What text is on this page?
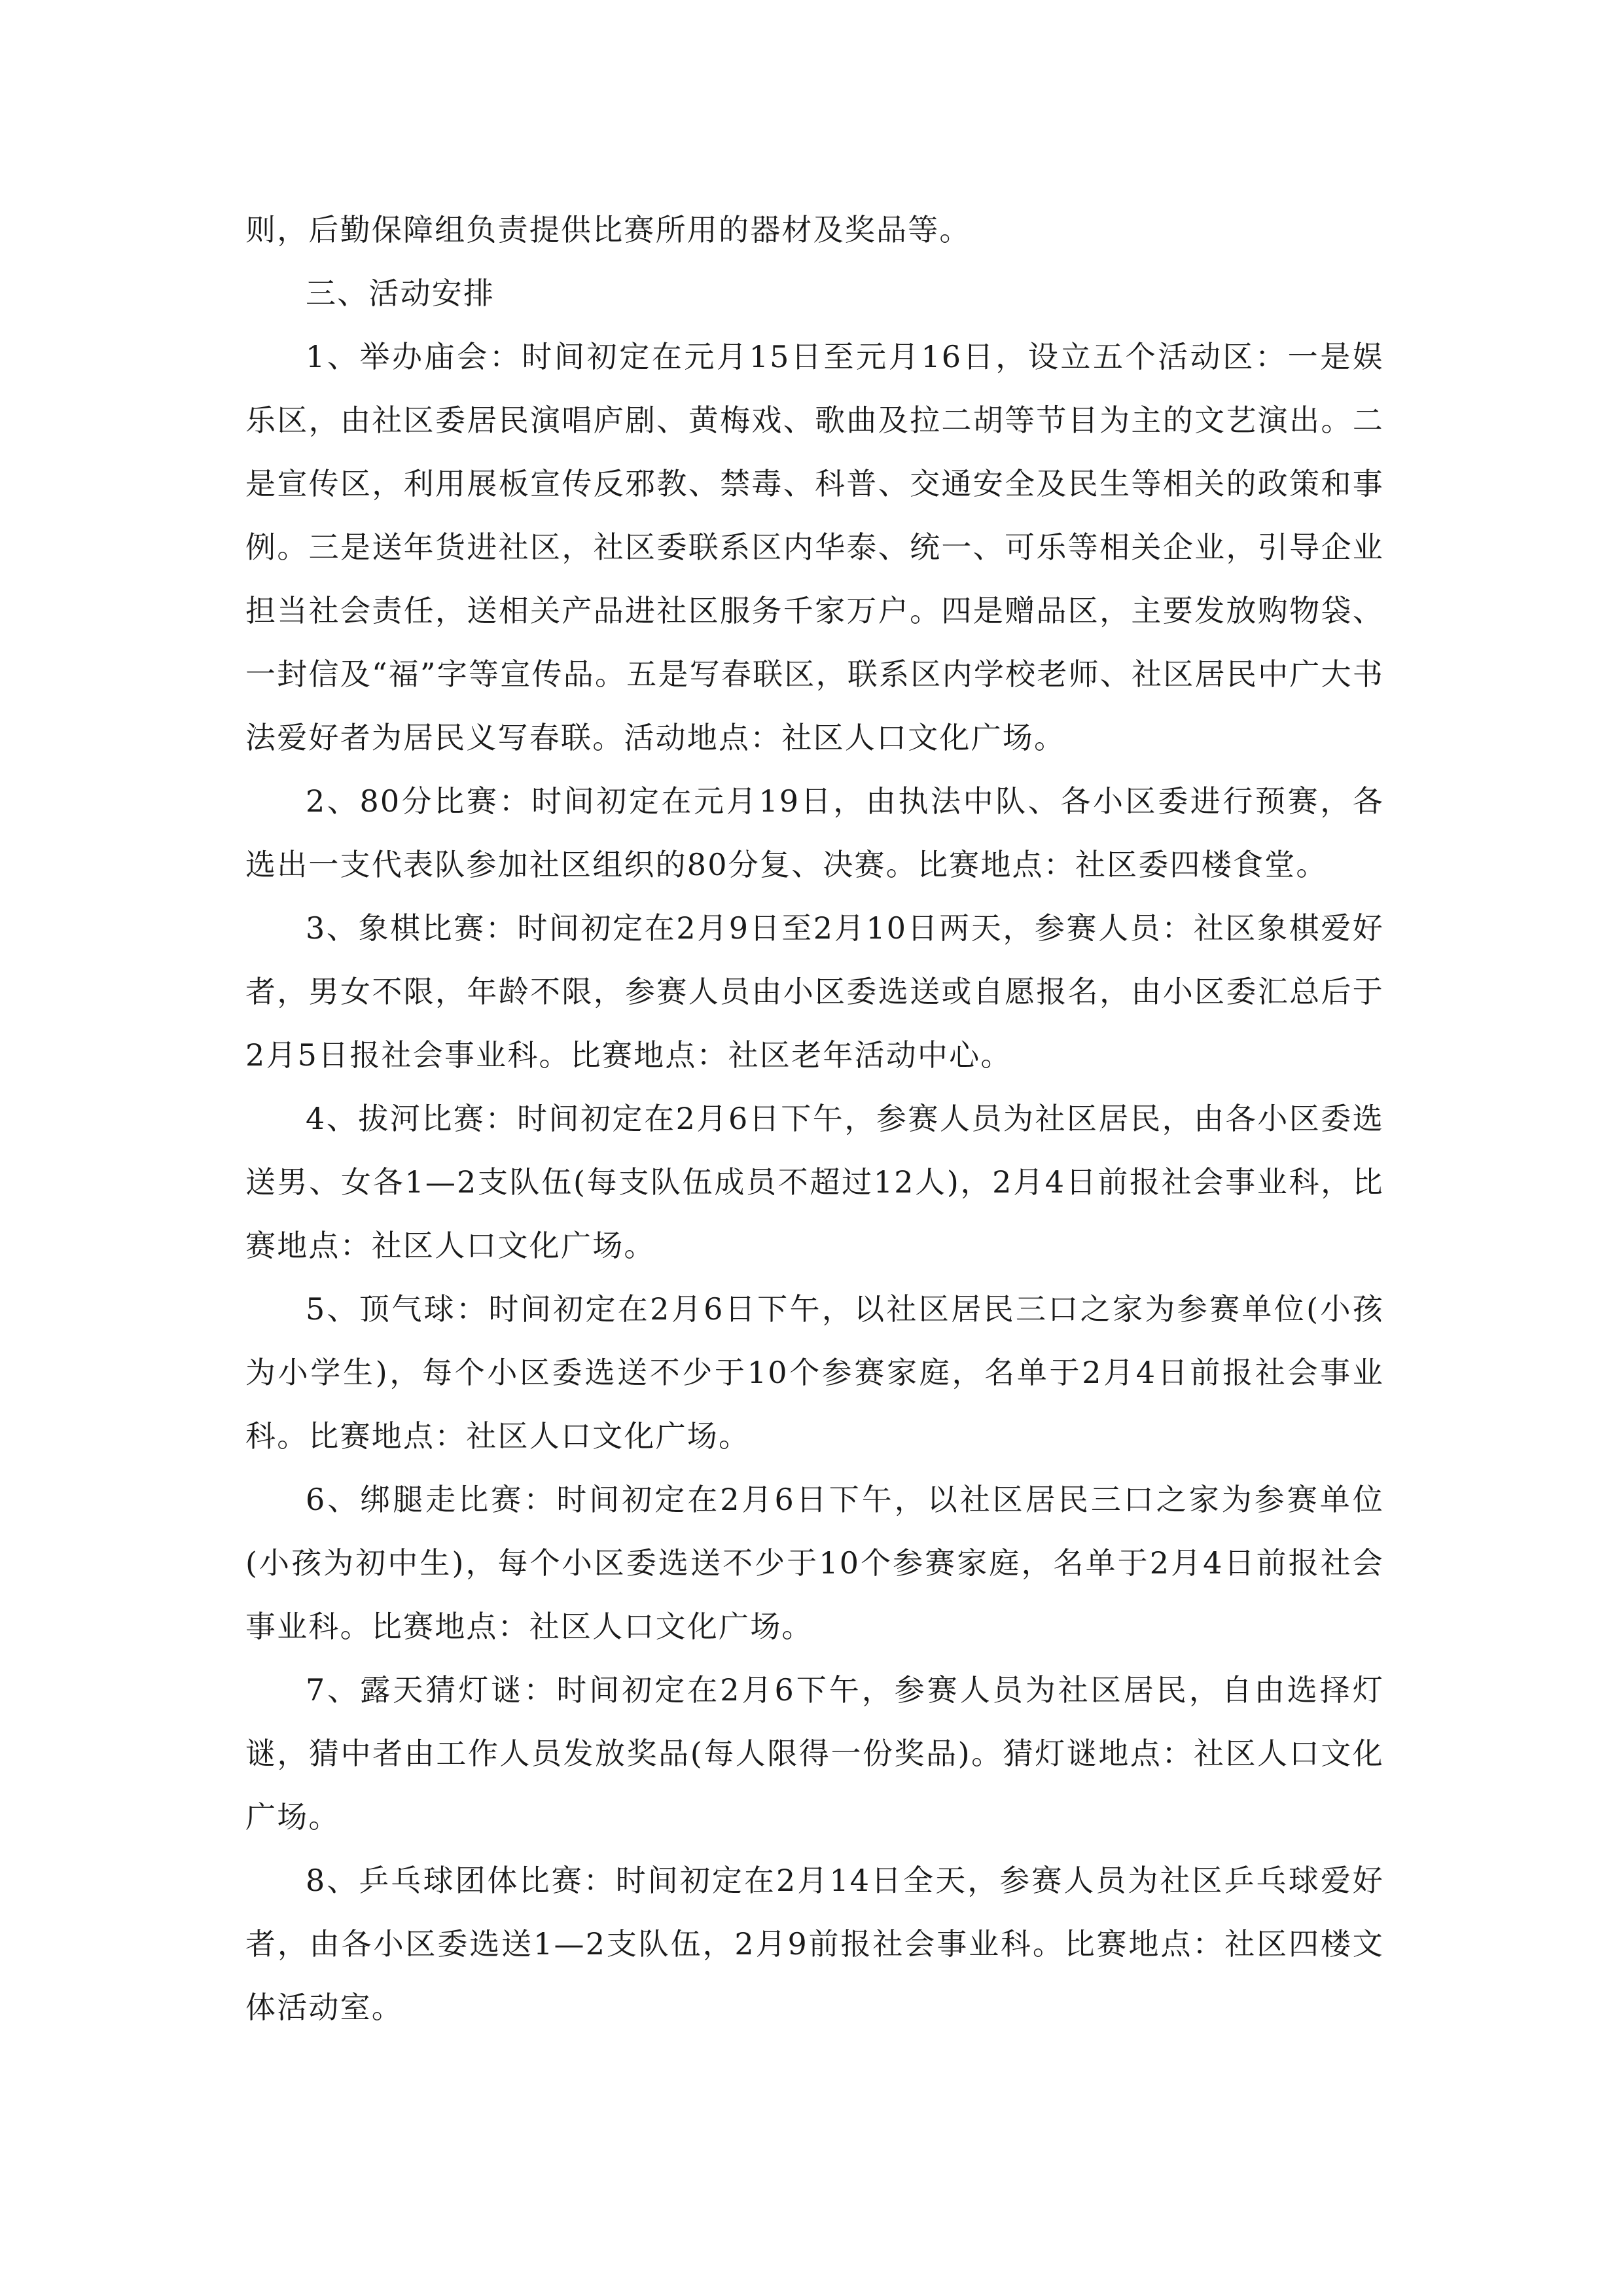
则，后勤保障组负责提供比赛所用的器材及奖品等。

三、活动安排

1、举办庙会：时间初定在元月15日至元月16日，设立五个活动区：一是娱乐区，由社区委居民演唱庐剧、黄梅戏、歌曲及拉二胡等节目为主的文艺演出。二是宣传区，利用展板宣传反邪教、禁毒、科普、交通安全及民生等相关的政策和事例。三是送年货进社区，社区委联系区内华泰、统一、可乐等相关企业，引导企业担当社会责任，送相关产品进社区服务千家万户。四是赠品区，主要发放购物袋、一封信及“福”字等宣传品。五是写春联区，联系区内学校老师、社区居民中广大书法爱好者为居民义写春联。活动地点：社区人口文化广场。

2、80分比赛：时间初定在元月19日，由执法中队、各小区委进行预赛，各选出一支代表队参加社区组织的80分复、决赛。比赛地点：社区委四楼食堂。

3、象棋比赛：时间初定在2月9日至2月10日两天，参赛人员：社区象棋爱好者，男女不限，年龄不限，参赛人员由小区委选送或自愿报名，由小区委汇总后于2月5日报社会事业科。比赛地点：社区老年活动中心。

4、拔河比赛：时间初定在2月6日下午，参赛人员为社区居民，由各小区委选送男、女各1—2支队伍(每支队伍成员不超过12人)，2月4日前报社会事业科，比赛地点：社区人口文化广场。

5、顶气球：时间初定在2月6日下午，以社区居民三口之家为参赛单位(小孩为小学生)，每个小区委选送不少于10个参赛家庭，名单于2月4日前报社会事业科。比赛地点：社区人口文化广场。

6、绑腿走比赛：时间初定在2月6日下午，以社区居民三口之家为参赛单位(小孩为初中生)，每个小区委选送不少于10个参赛家庭，名单于2月4日前报社会事业科。比赛地点：社区人口文化广场。

7、露天猜灯谜：时间初定在2月6下午，参赛人员为社区居民，自由选择灯谜，猜中者由工作人员发放奖品(每人限得一份奖品)。猜灯谜地点：社区人口文化广场。

8、乒乓球团体比赛：时间初定在2月14日全天，参赛人员为社区乒乓球爱好者，由各小区委选送1—2支队伍，2月9前报社会事业科。比赛地点：社区四楼文体活动室。
